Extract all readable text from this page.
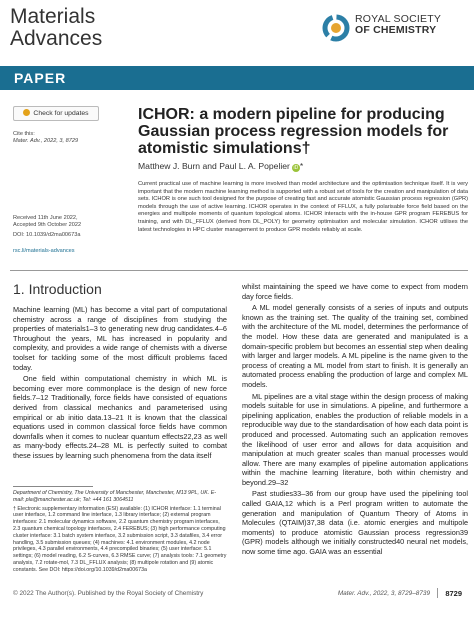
Materials
Advances
ROYAL SOCIETY
OF CHEMISTRY
PAPER
Check for updates
Cite this:
Mater. Adv., 2022, 3, 8729
Received 11th June 2022,
Accepted 9th October 2022
DOI: 10.1039/d2ma00673a
rsc.li/materials-advances
ICHOR: a modern pipeline for producing Gaussian process regression models for atomistic simulations†
Matthew J. Burn and Paul L. A. Popelier iD *
Current practical use of machine learning is more involved than model architecture and the optimisation technique itself. It is very important that the modern machine learning method is supported with a robust set of tools for the creation and manipulation of data sets. ICHOR is one such tool designed for the purpose of creating fast and accurate atomistic Gaussian process regression (GPR) models through the use of active learning. ICHOR operates in the context of FFLUX, a fully polarisable force field based on the energies and multipole moments of quantum topological atoms. ICHOR interacts with the in-house GPR program FEREBUS for training, and with DL_FFLUX (derived from DL_POLY) for geometry optimisation and molecular simulation. ICHOR utilises the latest technologies in HPC cluster management to produce GPR models reliably at scale.
1. Introduction

Machine learning (ML) has become a vital part of computational chemistry across a range of disciplines from studying the properties of materials1–3 to generating new drug candidates.4–6 Throughout the years, ML has increased in popularity and complexity, and provides a wide range of chemists with a diverse toolset for tackling some of the most difficult problems faced today.

One field within computational chemistry in which ML is becoming ever more commonplace is the design of new force fields.7–12 Traditionally, force fields have consisted of equations derived from classical mechanics and parameterised using empirical or ab initio data.13–21 It is known that the classical equations used in common classical force fields have common downfalls when it comes to nuclear quantum effects22,23 as well as many-body effects.24–28 ML is perfectly suited to combat these issues by learning such phenomena from the data itself

Department of Chemistry, The University of Manchester, Manchester, M13 9PL, UK. E-mail: pla@manchester.ac.uk; Tel: +44 161 3064511

† Electronic supplementary information (ESI) available: (1) ICHOR interface: 1.1 terminal user interface, 1.2 command line interface, 1.3 library interface; (2) external program interfaces: 2.1 molecular dynamics software, 2.2 quantum chemistry program interfaces, 2.3 quantum chemical topology interfaces, 2.4 FEREBUS; (3) high performance computing cluster interface: 3.1 batch system interface, 3.2 submission script, 3.3 datafiles, 3.4 error handling, 3.5 submission queues; (4) machines: 4.1 environment modules, 4.2 node privileges, 4.3 parallel environments, 4.4 precompiled binaries; (5) user interface: 5.1 settings; (6) model reading, 6.2 S-curves, 6.3 RMSE curve; (7) analysis tools: 7.1 geometry analysis, 7.2 rotate-mol, 7.3 DL_FFLUX analysis; (8) multipole rotation and (9) atomic constants. See DOI: https://doi.org/10.1039/d2ma00673a

whilst maintaining the speed we have come to expect from modern day force fields.

A ML model generally consists of a series of inputs and outputs known as the training set. The quality of the training set, combined with the architecture of the ML model, determines the performance of the model. How these data are generated and manipulated is a domain-specific problem but becomes an essential step when dealing with larger and larger models. A ML pipeline is the name given to the process of creating a ML model from start to finish. It is generally an automated process enabling the production of large and complex ML models.

ML pipelines are a vital stage within the design process of making models suitable for use in simulations. A pipeline, and furthermore a pipelining application, enables the production of reliable models in a reproducible way due to the standardisation of how each data point is produced and processed. Automating such an application removes the likelihood of user error and allows for data acquisition and manipulation at much greater scales than manual processes would allow. There are many examples of pipeline automation applications within the machine learning literature, both within chemistry and beyond.29–32

Past studies33–36 from our group have used the pipelining tool called GAIA,12 which is a Perl program written to automate the generation and manipulation of Quantum Theory of Atoms in Molecules (QTAIM)37,38 data (i.e. atomic energies and multipole moments) to produce atomistic Gaussian process regression39 (GPR) models although we initially constructed40 neural net models, now some time ago. GAIA was an essential

© 2022 The Author(s). Published by the Royal Society of Chemistry	Mater. Adv., 2022, 3, 8729–8739 8729
